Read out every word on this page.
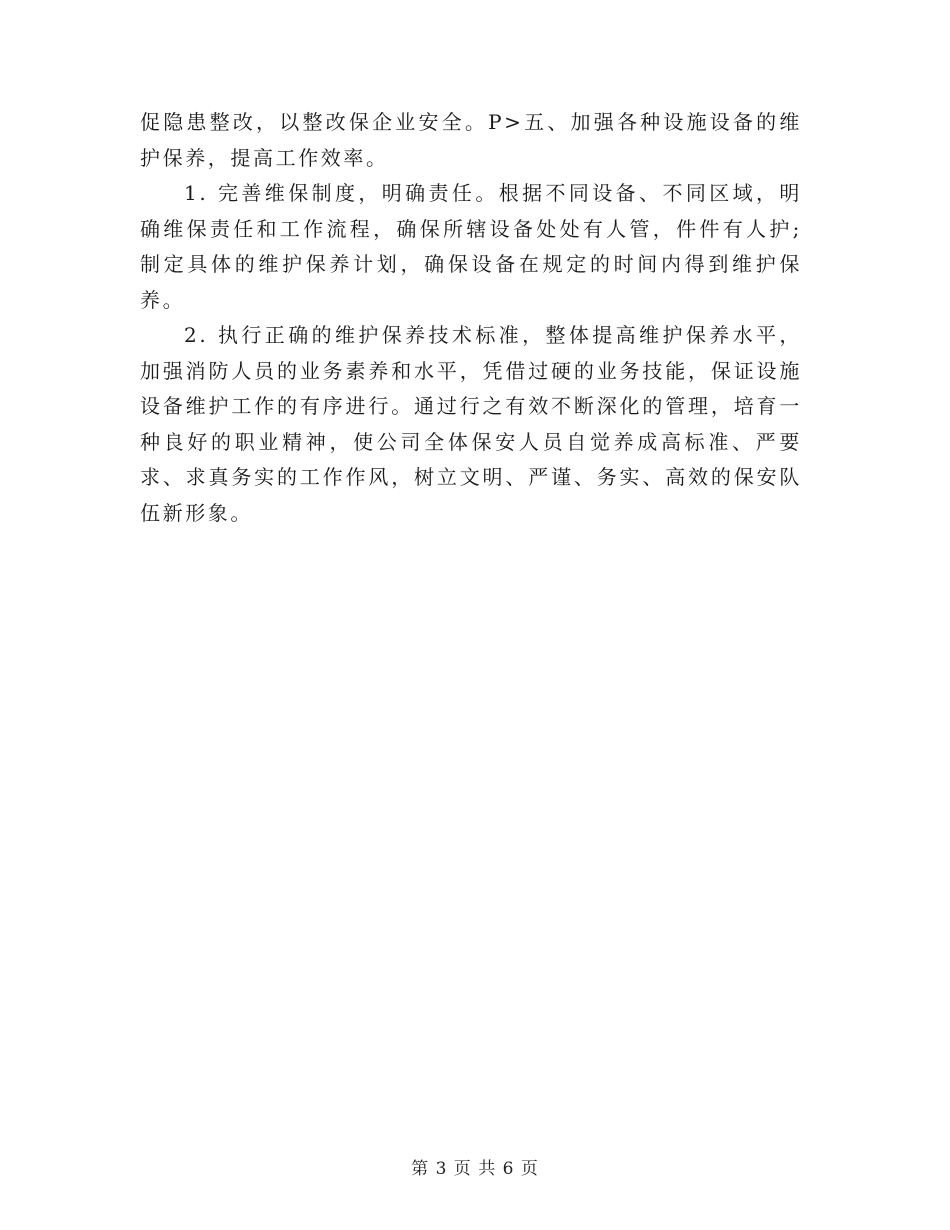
促隐患整改，以整改保企业安全。P>五、加强各种设施设备的维护保养，提高工作效率。

1. 完善维保制度，明确责任。根据不同设备、不同区域，明确维保责任和工作流程，确保所辖设备处处有人管，件件有人护;制定具体的维护保养计划，确保设备在规定的时间内得到维护保养。

2. 执行正确的维护保养技术标准，整体提高维护保养水平，加强消防人员的业务素养和水平，凭借过硬的业务技能，保证设施设备维护工作的有序进行。通过行之有效不断深化的管理，培育一种良好的职业精神，使公司全体保安人员自觉养成高标准、严要求、求真务实的工作作风，树立文明、严谨、务实、高效的保安队伍新形象。

第 3 页 共 6 页
